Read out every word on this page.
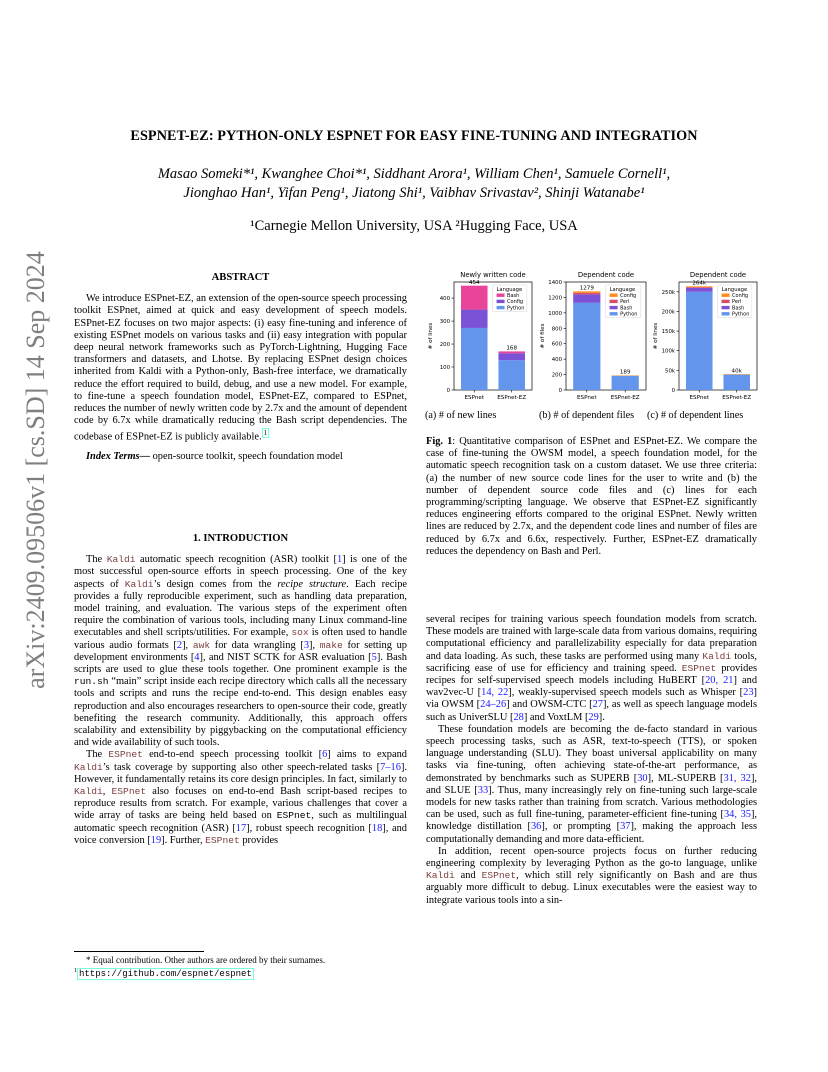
arXiv:2409.09506v1 [cs.SD] 14 Sep 2024
ESPNET-EZ: PYTHON-ONLY ESPNET FOR EASY FINE-TUNING AND INTEGRATION
Masao Someki*¹, Kwanghee Choi*¹, Siddhant Arora¹, William Chen¹, Samuele Cornell¹,
Jionghao Han¹, Yifan Peng¹, Jiatong Shi¹, Vaibhav Srivastav², Shinji Watanabe¹
¹Carnegie Mellon University, USA ²Hugging Face, USA
ABSTRACT

We introduce ESPnet-EZ, an extension of the open-source speech processing toolkit ESPnet, aimed at quick and easy development of speech models. ESPnet-EZ focuses on two major aspects: (i) easy fine-tuning and inference of existing ESPnet models on various tasks and (ii) easy integration with popular deep neural network frameworks such as PyTorch-Lightning, Hugging Face transformers and datasets, and Lhotse. By replacing ESPnet design choices inherited from Kaldi with a Python-only, Bash-free interface, we dramatically reduce the effort required to build, debug, and use a new model. For example, to fine-tune a speech foundation model, ESPnet-EZ, compared to ESPnet, reduces the number of newly written code by 2.7x and the amount of dependent code by 6.7x while dramatically reducing the Bash script dependencies. The codebase of ESPnet-EZ is publicly available. $^1$

Index Terms— open-source toolkit, speech foundation model

1. INTRODUCTION

The Kaldi automatic speech recognition (ASR) toolkit [1] is one of the most successful open-source efforts in speech processing. One of the key aspects of Kaldi’s design comes from the recipe structure. Each recipe provides a fully reproducible experiment, such as handling data preparation, model training, and evaluation. The various steps of the experiment often require the combination of various tools, including many Linux command-line executables and shell scripts/utilities. For example, sox is often used to handle various audio formats [2], awk for data wrangling [3], make for setting up development environments [4], and NIST SCTK for ASR evaluation [5]. Bash scripts are used to glue these tools together. One prominent example is the run.sh “main” script inside each recipe directory which calls all the necessary tools and scripts and runs the recipe end-to-end. This design enables easy reproduction and also encourages researchers to open-source their code, greatly benefiting the research community. Additionally, this approach offers scalability and extensibility by piggybacking on the computational efficiency and wide availability of such tools.

The ESPnet end-to-end speech processing toolkit [6] aims to expand Kaldi’s task coverage by supporting also other speech-related tasks [7–16]. However, it fundamentally retains its core design principles. In fact, similarly to Kaldi, ESPnet also focuses on end-to-end Bash script-based recipes to reproduce results from scratch. For example, various challenges that cover a wide array of tasks are being held based on ESPnet, such as multilingual automatic speech recognition (ASR) [17], robust speech recognition [18], and voice conversion [19]. Further, ESPnet provides

* Equal contribution. Other authors are ordered by their surnames.
$^1$ https://github.com/espnet/espnet
Newly written code
0
100
200
300
400
# of lines
454
ESPnet
168
ESPnet-EZ
Language
Bash
Config
Python
Dependent code
0
200
400
600
800
1000
1200
1400
# of files
1279
ESPnet
189
ESPnet-EZ
Language
Config
Perl
Bash
Python
Dependent code
0
50k
100k
150k
200k
250k
# of lines
264k
ESPnet
40k
ESPnet-EZ
Language
Config
Perl
Bash
Python
(a) # of new lines	(b) # of dependent files (c) # of dependent lines

Fig. 1: Quantitative comparison of ESPnet and ESPnet-EZ. We compare the case of fine-tuning the OWSM model, a speech foundation model, for the automatic speech recognition task on a custom dataset. We use three criteria: (a) the number of new source code lines for the user to write and (b) the number of dependent source code files and (c) lines for each programming/scripting language. We observe that ESPnet-EZ significantly reduces engineering efforts compared to the original ESPnet. Newly written lines are reduced by 2.7x, and the dependent code lines and number of files are reduced by 6.7x and 6.6x, respectively. Further, ESPnet-EZ dramatically reduces the dependency on Bash and Perl.

several recipes for training various speech foundation models from scratch. These models are trained with large-scale data from various domains, requiring computational efficiency and parallelizability especially for data preparation and data loading. As such, these tasks are performed using many Kaldi tools, sacrificing ease of use for efficiency and training speed. ESPnet provides recipes for self-supervised speech models including HuBERT [20, 21] and wav2vec-U [14, 22], weakly-supervised speech models such as Whisper [23] via OWSM [24–26] and OWSM-CTC [27], as well as speech language models such as UniverSLU [28] and VoxtLM [29].

These foundation models are becoming the de-facto standard in various speech processing tasks, such as ASR, text-to-speech (TTS), or spoken language understanding (SLU). They boast universal applicability on many tasks via fine-tuning, often achieving state-of-the-art performance, as demonstrated by benchmarks such as SUPERB [30], ML-SUPERB [31, 32], and SLUE [33]. Thus, many increasingly rely on fine-tuning such large-scale models for new tasks rather than training from scratch. Various methodologies can be used, such as full fine-tuning, parameter-efficient fine-tuning [34, 35], knowledge distillation [36], or prompting [37], making the approach less computationally demanding and more data-efficient.

In addition, recent open-source projects focus on further reducing engineering complexity by leveraging Python as the go-to language, unlike Kaldi and ESPnet, which still rely significantly on Bash and are thus arguably more difficult to debug. Linux executables were the easiest way to integrate various tools into a sin-
